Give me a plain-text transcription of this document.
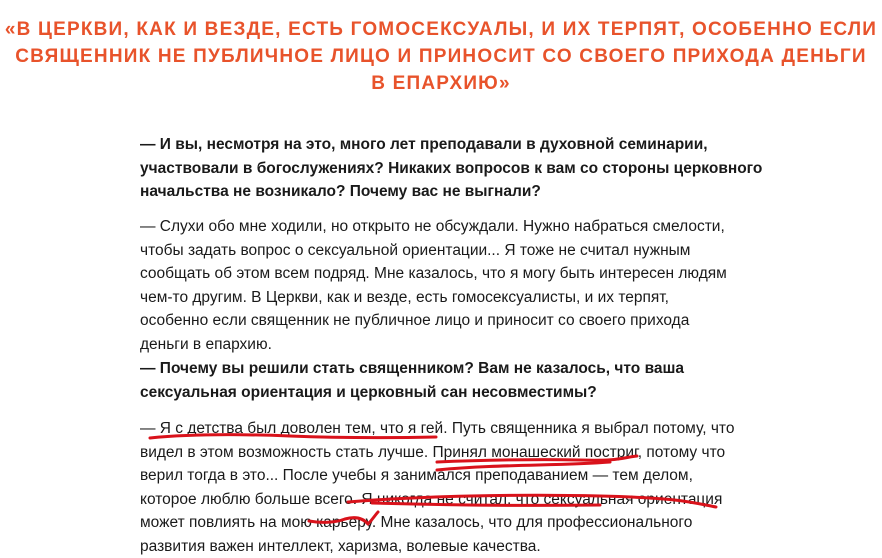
«В ЦЕРКВИ, КАК И ВЕЗДЕ, ЕСТЬ ГОМОСЕКСУАЛЫ, И ИХ ТЕРПЯТ, ОСОБЕННО ЕСЛИ
СВЯЩЕННИК НЕ ПУБЛИЧНОЕ ЛИЦО И ПРИНОСИТ СО СВОЕГО ПРИХОДА ДЕНЬГИ
В ЕПАРХИЮ»

— И вы, несмотря на это, много лет преподавали в духовной семинарии,
участвовали в богослужениях? Никаких вопросов к вам со стороны церковного
начальства не возникало? Почему вас не выгнали?

— Слухи обо мне ходили, но открыто не обсуждали. Нужно набраться смелости,
чтобы задать вопрос о сексуальной ориентации... Я тоже не считал нужным
сообщать об этом всем подряд. Мне казалось, что я могу быть интересен людям
чем-то другим. В Церкви, как и везде, есть гомосексуалисты, и их терпят,
особенно если священник не публичное лицо и приносит со своего прихода
деньги в епархию.

— Почему вы решили стать священником? Вам не казалось, что ваша
сексуальная ориентация и церковный сан несовместимы?

— Я с детства был доволен тем, что я гей. Путь священника я выбрал потому, что
видел в этом возможность стать лучше. Принял монашеский постриг, потому что
верил тогда в это... После учебы я занимался преподаванием — тем делом,
которое люблю больше всего. Я никогда не считал, что сексуальная ориентация
может повлиять на мою карьеру. Мне казалось, что для профессионального
развития важен интеллект, харизма, волевые качества.
